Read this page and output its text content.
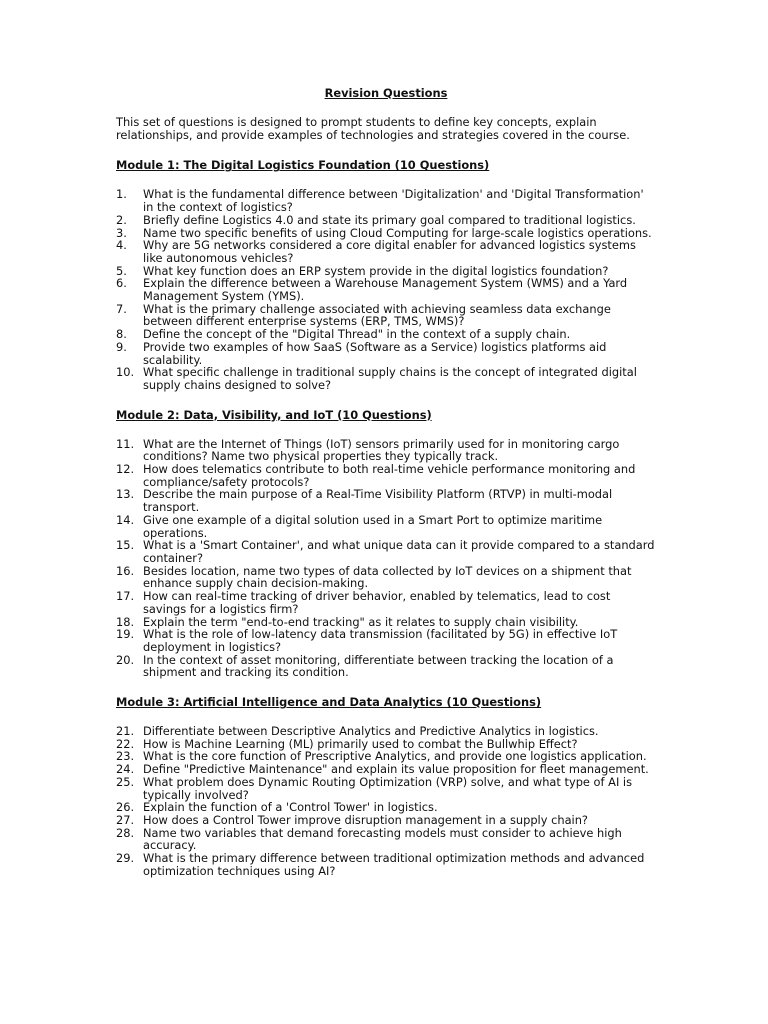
Revision Questions
This set of questions is designed to prompt students to define key concepts, explain relationships, and provide examples of technologies and strategies covered in the course.
Module 1: The Digital Logistics Foundation (10 Questions)
1. What is the fundamental difference between 'Digitalization' and 'Digital Transformation' in the context of logistics?
2. Briefly define Logistics 4.0 and state its primary goal compared to traditional logistics.
3. Name two specific benefits of using Cloud Computing for large-scale logistics operations.
4. Why are 5G networks considered a core digital enabler for advanced logistics systems like autonomous vehicles?
5. What key function does an ERP system provide in the digital logistics foundation?
6. Explain the difference between a Warehouse Management System (WMS) and a Yard Management System (YMS).
7. What is the primary challenge associated with achieving seamless data exchange between different enterprise systems (ERP, TMS, WMS)?
8. Define the concept of the "Digital Thread" in the context of a supply chain.
9. Provide two examples of how SaaS (Software as a Service) logistics platforms aid scalability.
10. What specific challenge in traditional supply chains is the concept of integrated digital supply chains designed to solve?
Module 2: Data, Visibility, and IoT (10 Questions)
11. What are the Internet of Things (IoT) sensors primarily used for in monitoring cargo conditions? Name two physical properties they typically track.
12. How does telematics contribute to both real-time vehicle performance monitoring and compliance/safety protocols?
13. Describe the main purpose of a Real-Time Visibility Platform (RTVP) in multi-modal transport.
14. Give one example of a digital solution used in a Smart Port to optimize maritime operations.
15. What is a 'Smart Container', and what unique data can it provide compared to a standard container?
16. Besides location, name two types of data collected by IoT devices on a shipment that enhance supply chain decision-making.
17. How can real-time tracking of driver behavior, enabled by telematics, lead to cost savings for a logistics firm?
18. Explain the term "end-to-end tracking" as it relates to supply chain visibility.
19. What is the role of low-latency data transmission (facilitated by 5G) in effective IoT deployment in logistics?
20. In the context of asset monitoring, differentiate between tracking the location of a shipment and tracking its condition.
Module 3: Artificial Intelligence and Data Analytics (10 Questions)
21. Differentiate between Descriptive Analytics and Predictive Analytics in logistics.
22. How is Machine Learning (ML) primarily used to combat the Bullwhip Effect?
23. What is the core function of Prescriptive Analytics, and provide one logistics application.
24. Define "Predictive Maintenance" and explain its value proposition for fleet management.
25. What problem does Dynamic Routing Optimization (VRP) solve, and what type of AI is typically involved?
26. Explain the function of a 'Control Tower' in logistics.
27. How does a Control Tower improve disruption management in a supply chain?
28. Name two variables that demand forecasting models must consider to achieve high accuracy.
29. What is the primary difference between traditional optimization methods and advanced optimization techniques using AI?
